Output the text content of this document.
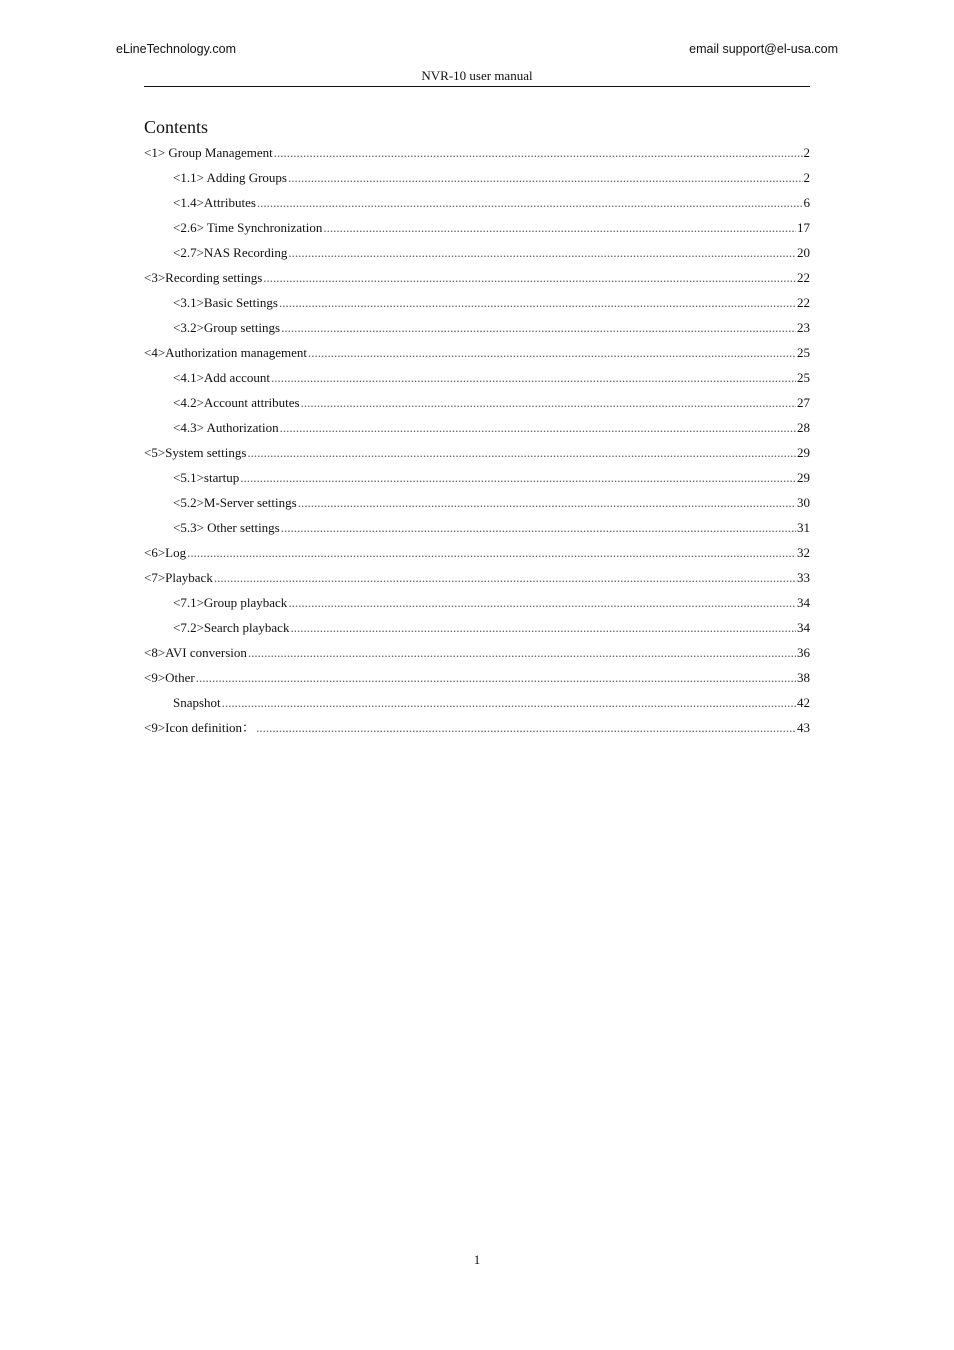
eLineTechnology.com	email support@el-usa.com
NVR-10 user manual
Contents
<1> Group Management .....	2
<1.1> Adding Groups .....	2
<1.4>Attributes .....	6
<2.6> Time Synchronization .....	17
<2.7>NAS Recording .....	20
<3>Recording settings .....	22
<3.1>Basic Settings .....	22
<3.2>Group settings .....	23
<4>Authorization management .....	25
<4.1>Add account .....	25
<4.2>Account attributes .....	27
<4.3> Authorization .....	28
<5>System settings .....	29
<5.1>startup .....	29
<5.2>M-Server settings .....	30
<5.3> Other settings .....	31
<6>Log .....	32
<7>Playback .....	33
<7.1>Group playback .....	34
<7.2>Search playback .....	34
<8>AVI conversion .....	36
<9>Other .....	38
Snapshot .....	42
<9>Icon definition： .....	43
1
